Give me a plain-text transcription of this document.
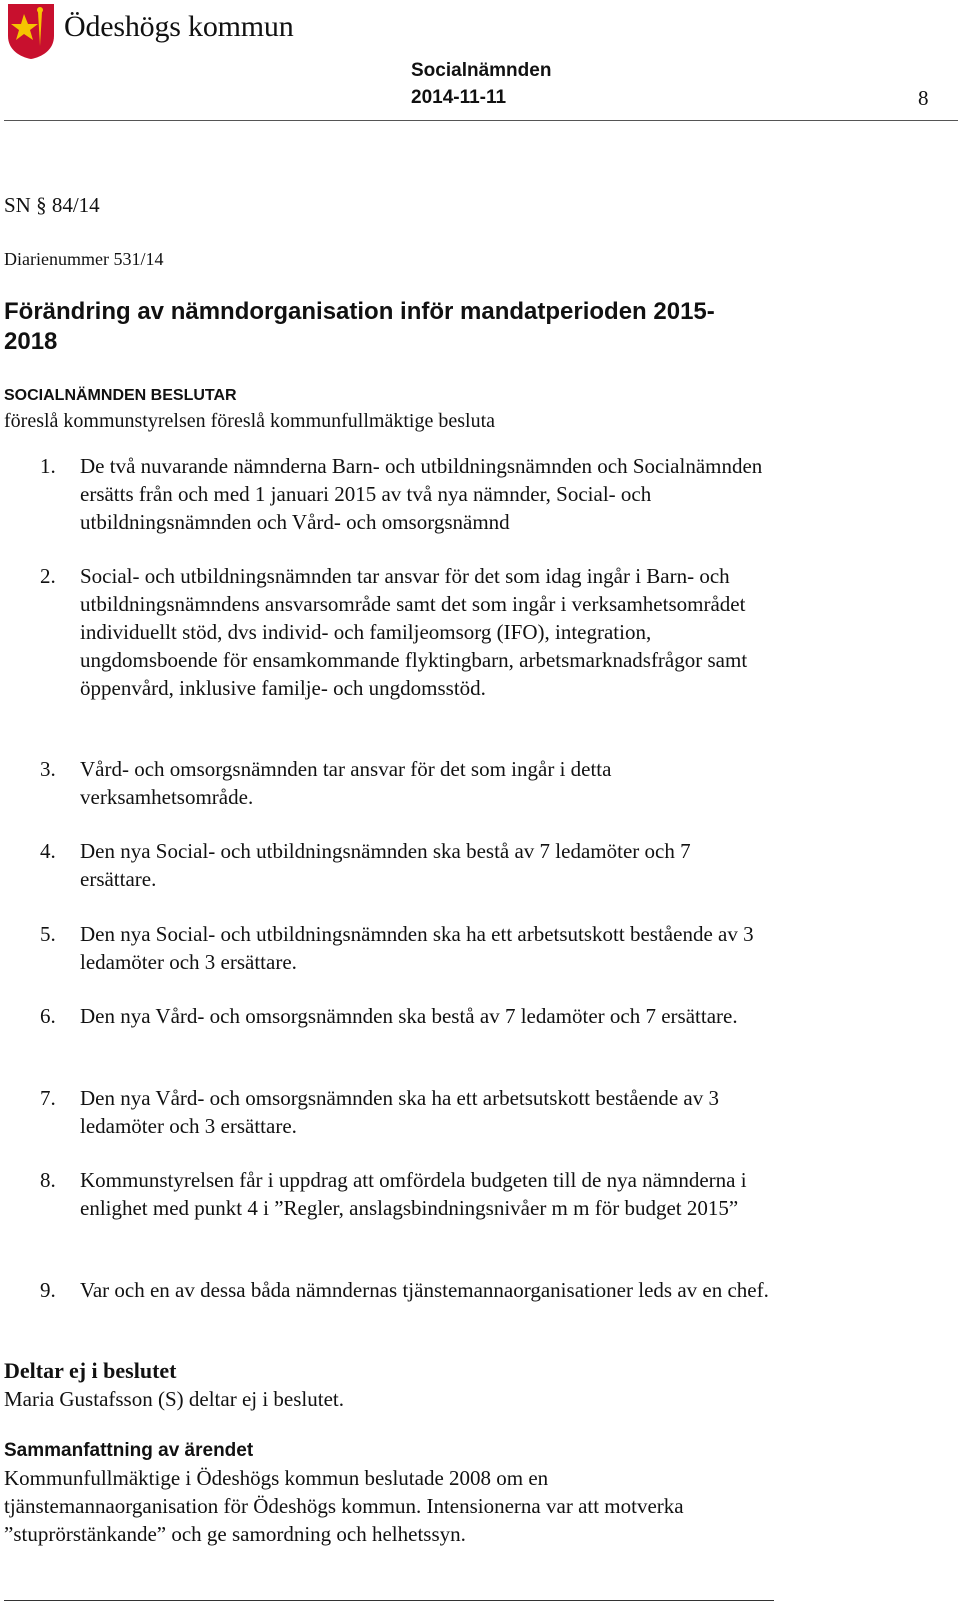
Ödeshögs kommun
Socialnämnden
2014-11-11	8
SN § 84/14
Diarienummer 531/14
Förändring av nämndorganisation inför mandatperioden 2015-2018
SOCIALNÄMNDEN BESLUTAR
föreslå kommunstyrelsen föreslå kommunfullmäktige besluta
1. De två nuvarande nämnderna Barn- och utbildningsnämnden och Socialnämnden ersätts från och med 1 januari 2015 av två nya nämnder, Social- och utbildningsnämnden och Vård- och omsorgsnämnd
2. Social- och utbildningsnämnden tar ansvar för det som idag ingår i Barn- och utbildningsnämndens ansvarsområde samt det som ingår i verksamhetsområdet individuellt stöd, dvs individ- och familjeomsorg (IFO), integration, ungdomsboende för ensamkommande flyktingbarn, arbetsmarknadsfrågor samt öppenvård, inklusive familje- och ungdomsstöd.
3. Vård- och omsorgsnämnden tar ansvar för det som ingår i detta verksamhetsområde.
4. Den nya Social- och utbildningsnämnden ska bestå av 7 ledamöter och 7 ersättare.
5. Den nya Social- och utbildningsnämnden ska ha ett arbetsutskott bestående av 3 ledamöter och 3 ersättare.
6. Den nya Vård- och omsorgsnämnden ska bestå av 7 ledamöter och 7 ersättare.
7. Den nya Vård- och omsorgsnämnden ska ha ett arbetsutskott bestående av 3 ledamöter och 3 ersättare.
8. Kommunstyrelsen får i uppdrag att omfördela budgeten till de nya nämnderna i enlighet med punkt 4 i ”Regler, anslagsbindningsnivåer m m för budget 2015”
9. Var och en av dessa båda nämndernas tjänstemannaorganisationer leds av en chef.
Deltar ej i beslutet
Maria Gustafsson (S) deltar ej i beslutet.
Sammanfattning av ärendet
Kommunfullmäktige i Ödeshögs kommun beslutade 2008 om en tjänstemannaorganisation för Ödeshögs kommun. Intensionerna var att motverka ”stuprörstänkande” och ge samordning och helhetssyn.
